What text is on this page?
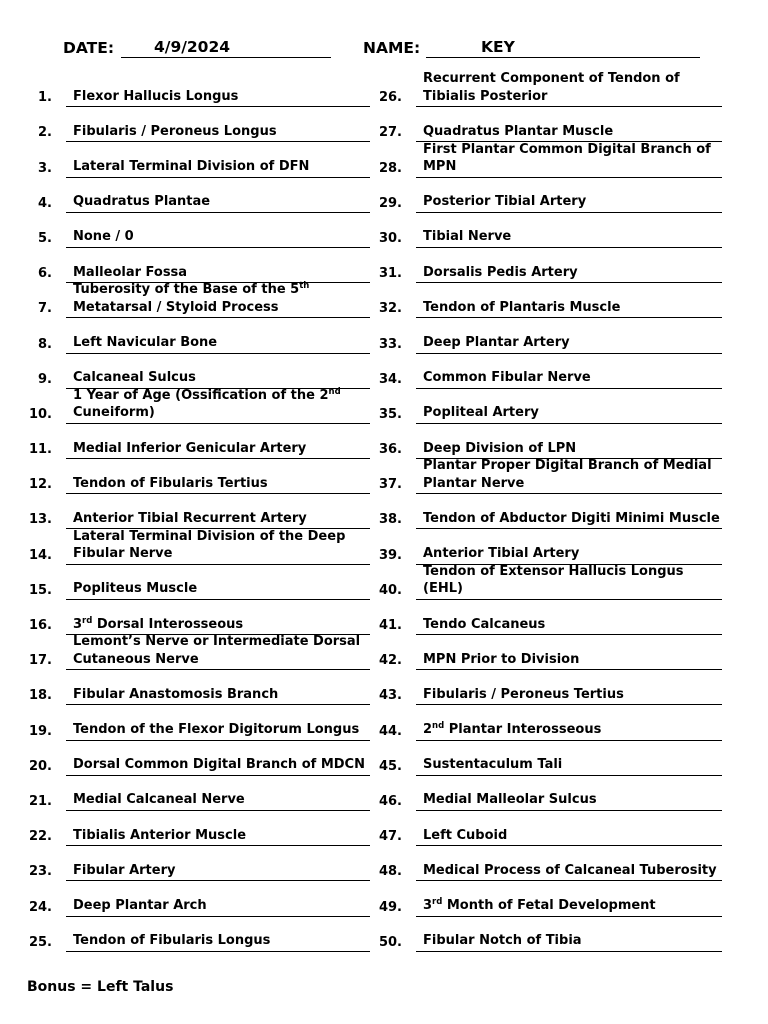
DATE:	4/9/2024	NAME:	KEY
1.	Flexor Hallucis Longus
2.	Fibularis / Peroneus Longus
3.	Lateral Terminal Division of DFN
4.	Quadratus Plantae
5.	None / 0
6.	Malleolar Fossa
7.
Tuberosity of the Base of the 5th
Metatarsal / Styloid Process
8.	Left Navicular Bone
9.	Calcaneal Sulcus
10.
1 Year of Age (Ossification of the 2nd
Cuneiform)
11.	Medial Inferior Genicular Artery
12.	Tendon of Fibularis Tertius
13.	Anterior Tibial Recurrent Artery
14.
Lateral Terminal Division of the Deep
Fibular Nerve
15.	Popliteus Muscle
16.	3rd Dorsal Interosseous
17.
Lemont’s Nerve or Intermediate Dorsal
Cutaneous Nerve
18.	Fibular Anastomosis Branch
19.	Tendon of the Flexor Digitorum Longus
20.	Dorsal Common Digital Branch of MDCN
21.	Medial Calcaneal Nerve
22.	Tibialis Anterior Muscle
23.	Fibular Artery
24.	Deep Plantar Arch
25.	Tendon of Fibularis Longus
26.
Recurrent Component of Tendon of
Tibialis Posterior
27.	Quadratus Plantar Muscle
28.
First Plantar Common Digital Branch of
MPN
29.	Posterior Tibial Artery
30.	Tibial Nerve
31.	Dorsalis Pedis Artery
32.	Tendon of Plantaris Muscle
33.	Deep Plantar Artery
34.	Common Fibular Nerve
35.	Popliteal Artery
36.	Deep Division of LPN
37.
Plantar Proper Digital Branch of Medial
Plantar Nerve
38.	Tendon of Abductor Digiti Minimi Muscle
39.	Anterior Tibial Artery
40.
Tendon of Extensor Hallucis Longus (EHL)
41.	Tendo Calcaneus
42.	MPN Prior to Division
43.	Fibularis / Peroneus Tertius
44.	2nd Plantar Interosseous
45.	Sustentaculum Tali
46.	Medial Malleolar Sulcus
47.	Left Cuboid
48.	Medical Process of Calcaneal Tuberosity
49.	3rd Month of Fetal Development
50.	Fibular Notch of Tibia
Bonus = Left Talus
